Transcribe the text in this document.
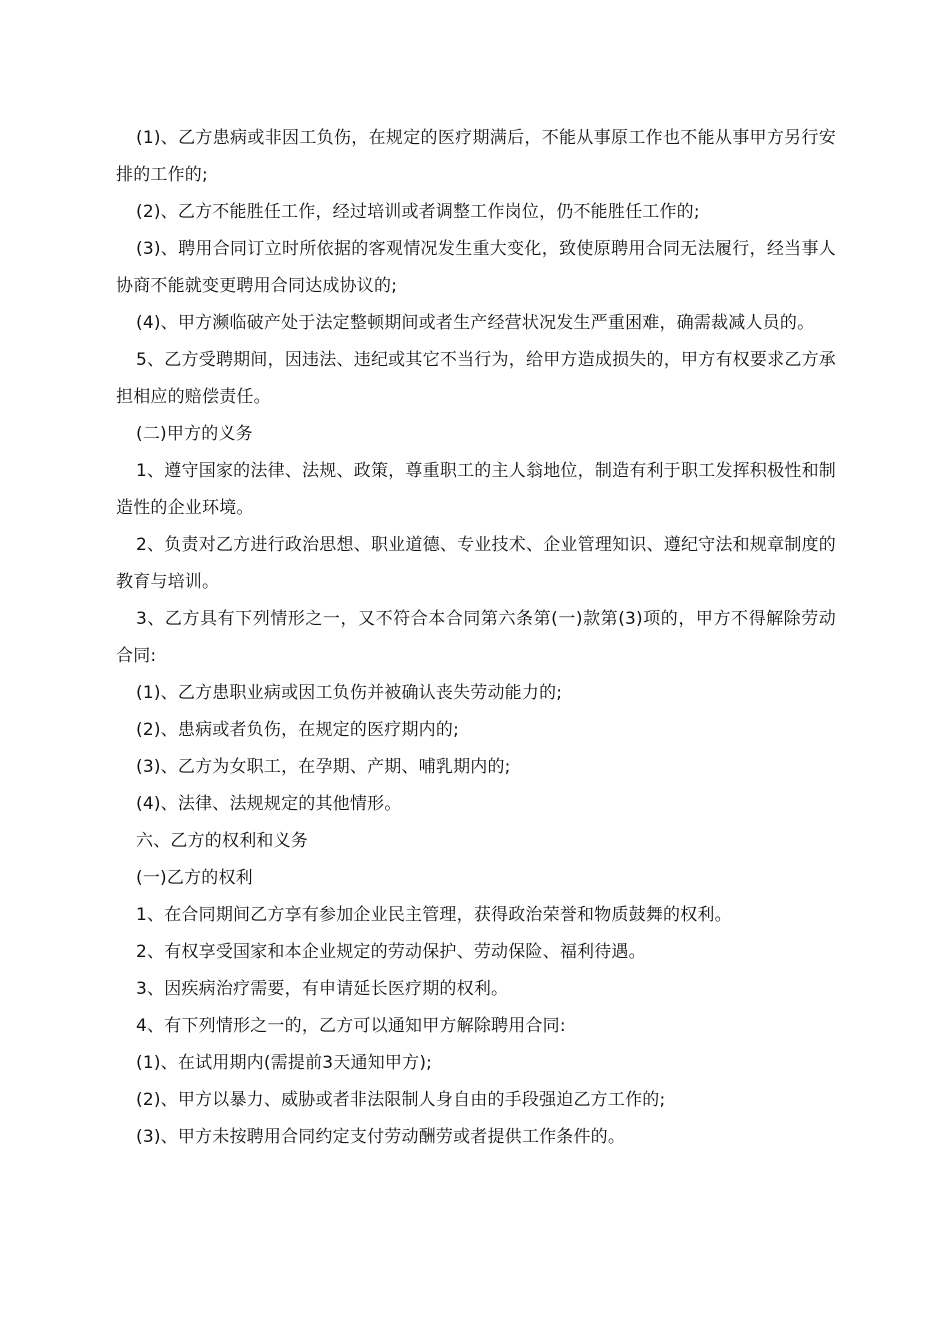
(1)、乙方患病或非因工负伤，在规定的医疗期满后，不能从事原工作也不能从事甲方另行安排的工作的;

(2)、乙方不能胜任工作，经过培训或者调整工作岗位，仍不能胜任工作的;

(3)、聘用合同订立时所依据的客观情况发生重大变化，致使原聘用合同无法履行，经当事人协商不能就变更聘用合同达成协议的;

(4)、甲方濒临破产处于法定整顿期间或者生产经营状况发生严重困难，确需裁减人员的。

5、乙方受聘期间，因违法、违纪或其它不当行为，给甲方造成损失的，甲方有权要求乙方承担相应的赔偿责任。

(二)甲方的义务

1、遵守国家的法律、法规、政策，尊重职工的主人翁地位，制造有利于职工发挥积极性和制造性的企业环境。

2、负责对乙方进行政治思想、职业道德、专业技术、企业管理知识、遵纪守法和规章制度的教育与培训。

3、乙方具有下列情形之一，又不符合本合同第六条第(一)款第(3)项的，甲方不得解除劳动合同:

(1)、乙方患职业病或因工负伤并被确认丧失劳动能力的;

(2)、患病或者负伤，在规定的医疗期内的;

(3)、乙方为女职工，在孕期、产期、哺乳期内的;

(4)、法律、法规规定的其他情形。

六、乙方的权利和义务

(一)乙方的权利

1、在合同期间乙方享有参加企业民主管理，获得政治荣誉和物质鼓舞的权利。

2、有权享受国家和本企业规定的劳动保护、劳动保险、福利待遇。

3、因疾病治疗需要，有申请延长医疗期的权利。

4、有下列情形之一的，乙方可以通知甲方解除聘用合同:

(1)、在试用期内(需提前3天通知甲方);

(2)、甲方以暴力、威胁或者非法限制人身自由的手段强迫乙方工作的;

(3)、甲方未按聘用合同约定支付劳动酬劳或者提供工作条件的。
